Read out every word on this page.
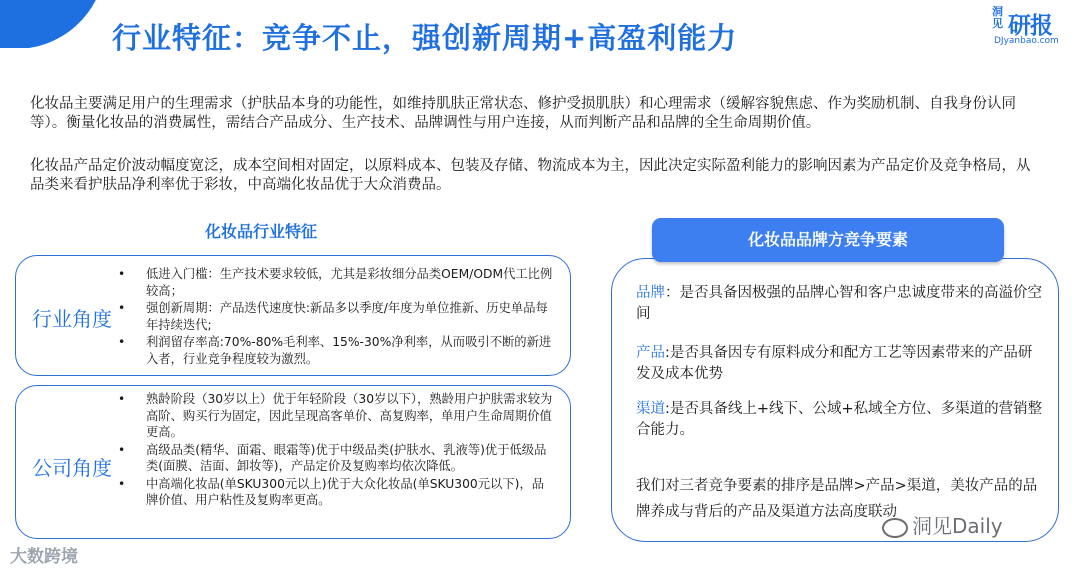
行业特征：竞争不止，强创新周期+高盈利能力
洞见 研报
DJyanbao.com

化妆品主要满足用户的生理需求（护肤品本身的功能性，如维持肌肤正常状态、修护受损肌肤）和心理需求（缓解容貌焦虑、作为奖励机制、自我身份认同等）。衡量化妆品的消费属性，需结合产品成分、生产技术、品牌调性与用户连接，从而判断产品和品牌的全生命周期价值。

化妆品产品定价波动幅度宽泛，成本空间相对固定，以原料成本、包装及存储、物流成本为主，因此决定实际盈利能力的影响因素为产品定价及竞争格局，从品类来看护肤品净利率优于彩妆，中高端化妆品优于大众消费品。

化妆品行业特征
行业角度
• 低进入门槛：生产技术要求较低，尤其是彩妆细分品类OEM/ODM代工比例较高；
• 强创新周期：产品迭代速度快:新品多以季度/年度为单位推新、历史单品每年持续迭代;
• 利润留存率高:70%-80%毛利率、15%-30%净利率，从而吸引不断的新进入者，行业竞争程度较为激烈。
公司角度
• 熟龄阶段（30岁以上）优于年轻阶段（30岁以下），熟龄用户护肤需求较为高阶、购买行为固定，因此呈现高客单价、高复购率，单用户生命周期价值更高。
• 高级品类(精华、面霜、眼霜等)优于中级品类(护肤水、乳液等)优于低级品类(面膜、洁面、卸妆等)，产品定价及复购率均依次降低。
• 中高端化妆品(单SKU300元以上)优于大众化妆品(单SKU300元以下)，品牌价值、用户粘性及复购率更高。
化妆品品牌方竞争要素
品牌：是否具备因极强的品牌心智和客户忠诚度带来的高溢价空间
产品:是否具备因专有原料成分和配方工艺等因素带来的产品研发及成本优势
渠道:是否具备线上+线下、公域+私域全方位、多渠道的营销整合能力。
我们对三者竞争要素的排序是品牌>产品>渠道，美妆产品的品牌养成与背后的产品及渠道方法高度联动
大数跨境
洞见Daily
